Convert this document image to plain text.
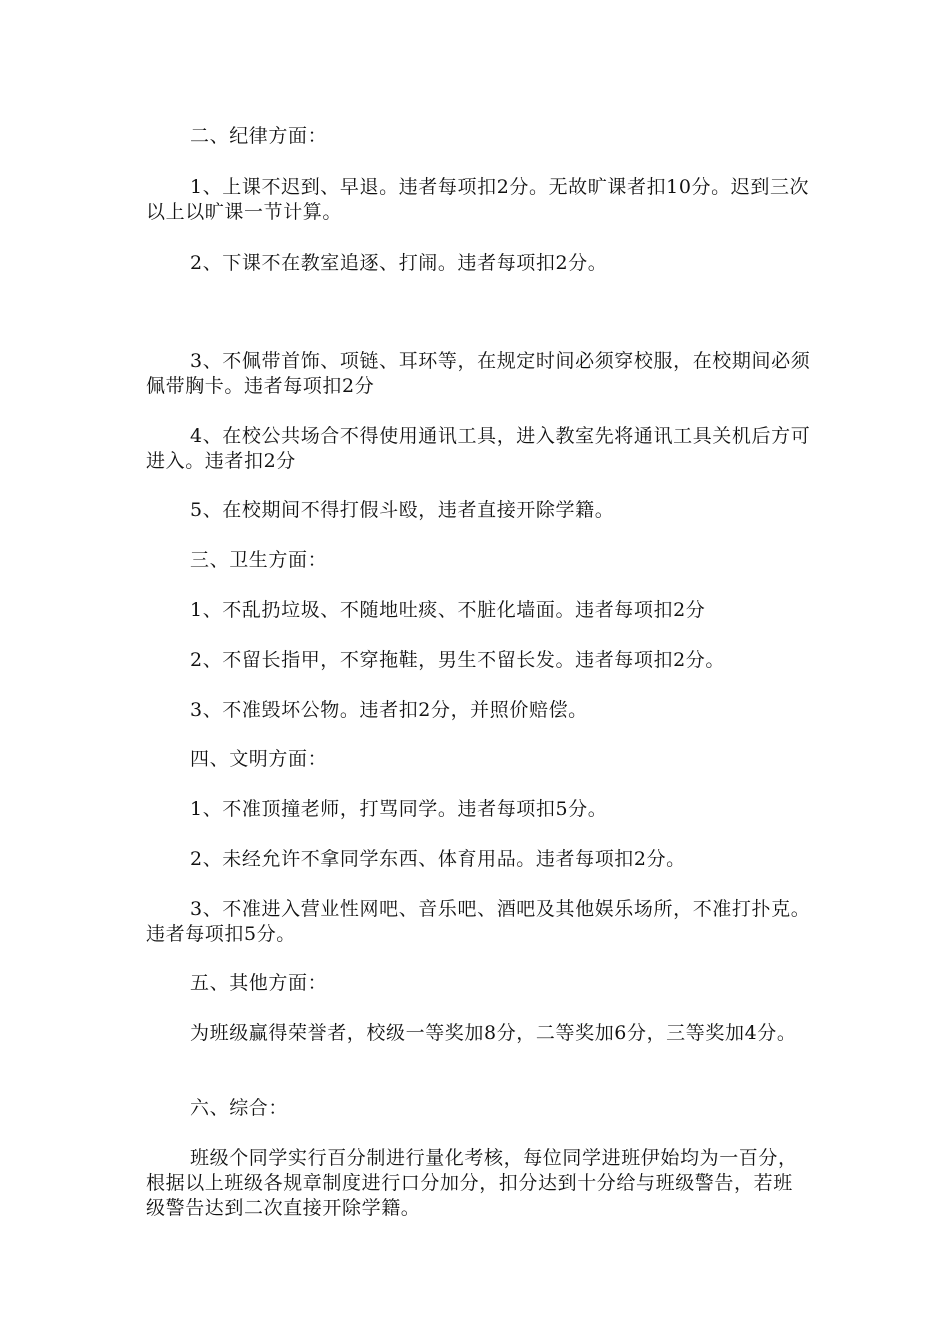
二、纪律方面：

1、上课不迟到、早退。违者每项扣2分。无故旷课者扣10分。迟到三次以上以旷课一节计算。

2、下课不在教室追逐、打闹。违者每项扣2分。

3、不佩带首饰、项链、耳环等，在规定时间必须穿校服，在校期间必须佩带胸卡。违者每项扣2分

4、在校公共场合不得使用通讯工具，进入教室先将通讯工具关机后方可进入。违者扣2分

5、在校期间不得打假斗殴，违者直接开除学籍。

三、卫生方面：

1、不乱扔垃圾、不随地吐痰、不脏化墙面。违者每项扣2分

2、不留长指甲，不穿拖鞋，男生不留长发。违者每项扣2分。

3、不准毁坏公物。违者扣2分，并照价赔偿。

四、文明方面：

1、不准顶撞老师，打骂同学。违者每项扣5分。

2、未经允许不拿同学东西、体育用品。违者每项扣2分。

3、不准进入营业性网吧、音乐吧、酒吧及其他娱乐场所，不准打扑克。违者每项扣5分。

五、其他方面：

为班级赢得荣誉者，校级一等奖加8分，二等奖加6分，三等奖加4分。

六、综合：

班级个同学实行百分制进行量化考核，每位同学进班伊始均为一百分，根据以上班级各规章制度进行口分加分，扣分达到十分给与班级警告，若班级警告达到二次直接开除学籍。
